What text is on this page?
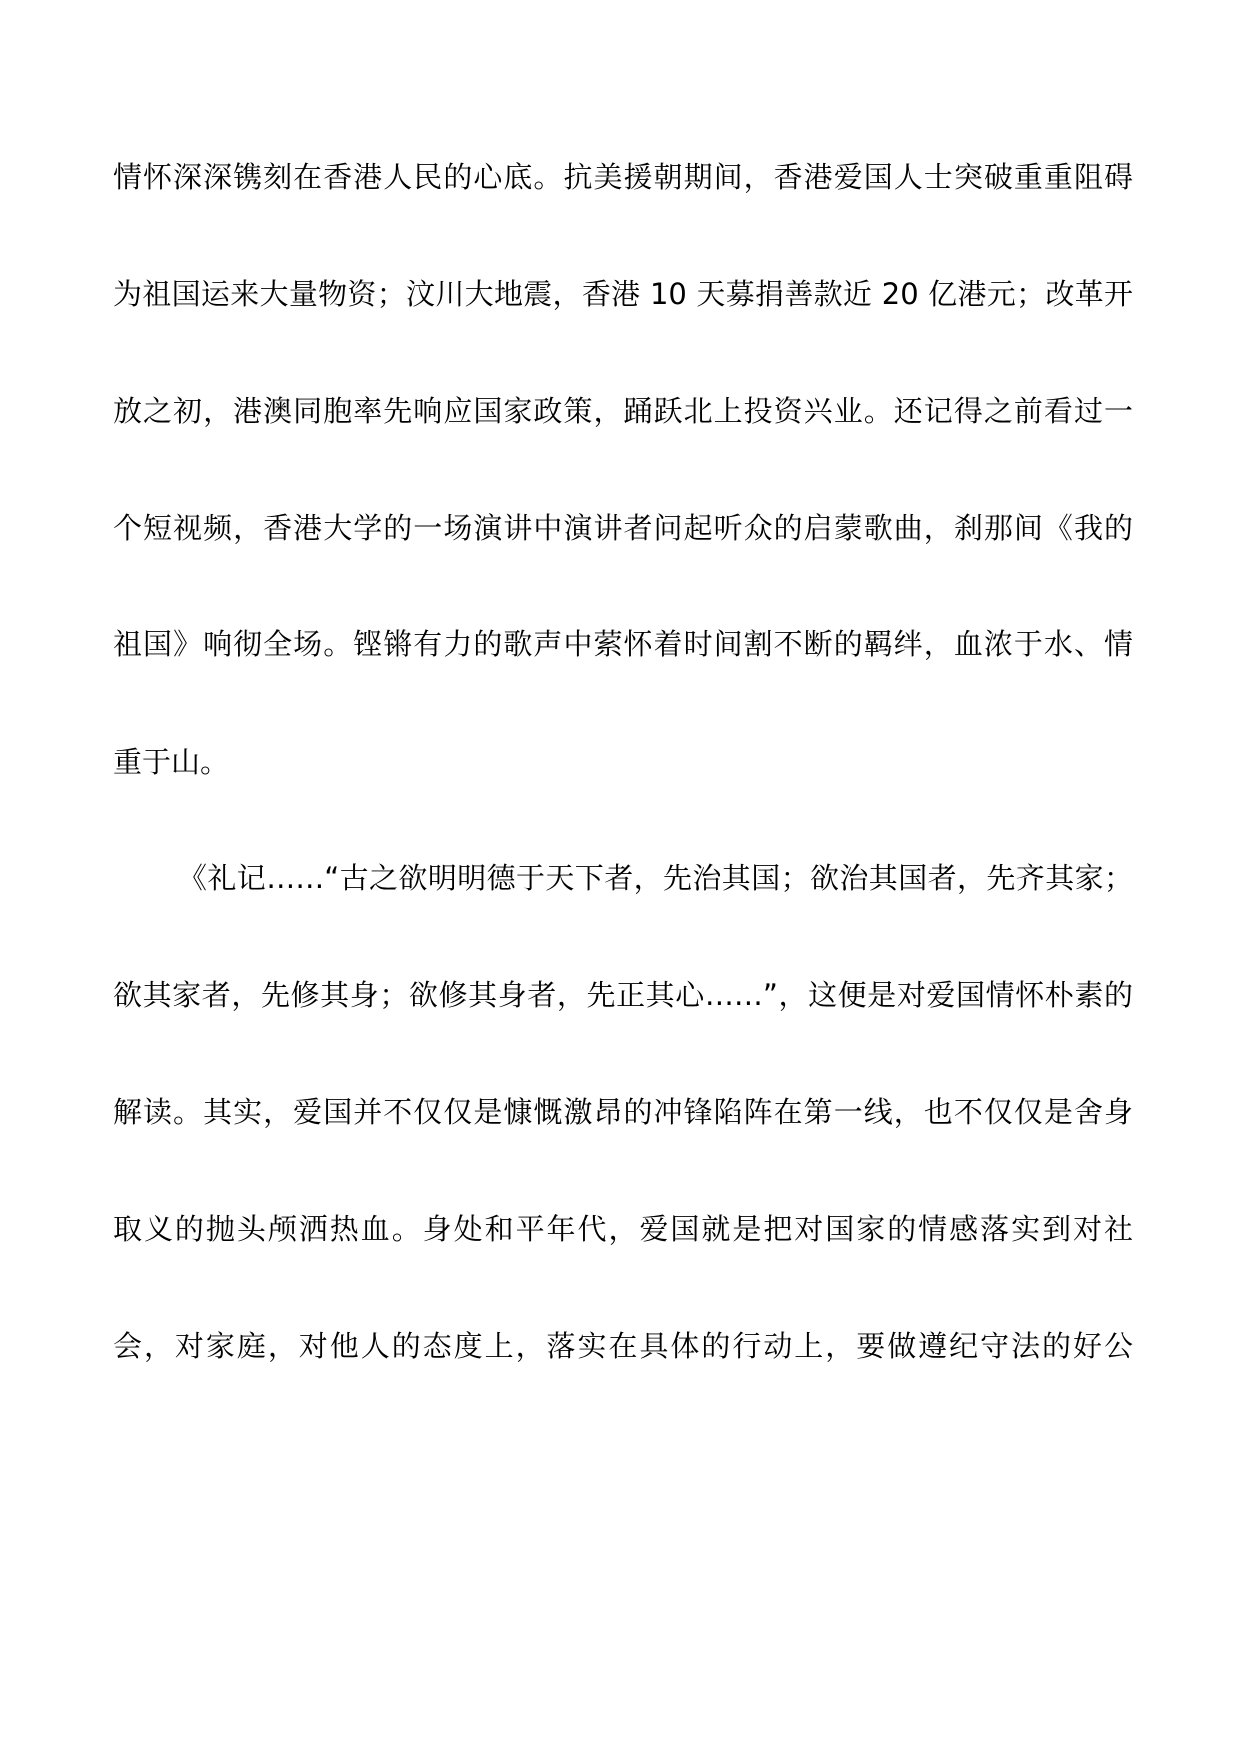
情怀深深镌刻在香港人民的心底。抗美援朝期间，香港爱国人士突破重重阻碍
为祖国运来大量物资；汶川大地震，香港 10 天募捐善款近 20 亿港元；改革开
放之初，港澳同胞率先响应国家政策，踊跃北上投资兴业。还记得之前看过一
个短视频，香港大学的一场演讲中演讲者问起听众的启蒙歌曲，刹那间《我的
祖国》响彻全场。铿锵有力的歌声中萦怀着时间割不断的羁绊，血浓于水、情
重于山。
《礼记……“古之欲明明德于天下者，先治其国；欲治其国者，先齐其家；
欲其家者，先修其身；欲修其身者，先正其心……”，这便是对爱国情怀朴素的
解读。其实，爱国并不仅仅是慷慨激昂的冲锋陷阵在第一线，也不仅仅是舍身
取义的抛头颅洒热血。身处和平年代，爱国就是把对国家的情感落实到对社
会，对家庭，对他人的态度上，落实在具体的行动上，要做遵纪守法的好公
